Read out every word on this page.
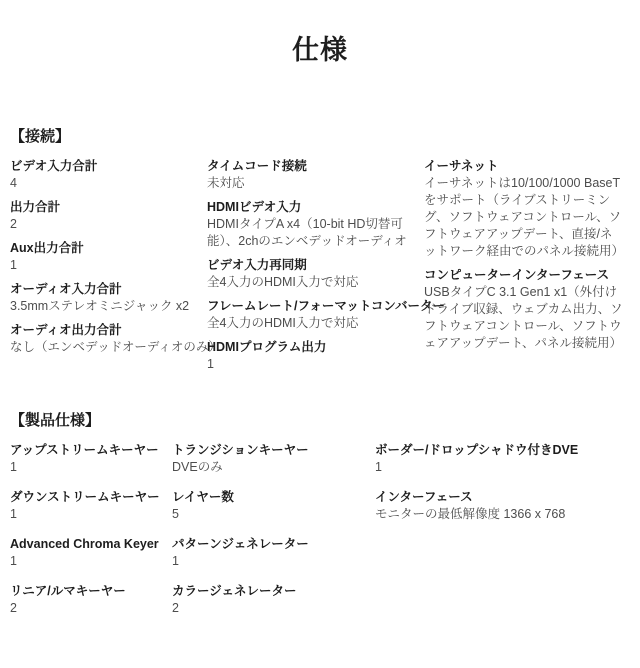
仕様
【接続】
ビデオ入力合計
4
出力合計
2
Aux出力合計
1
オーディオ入力合計
3.5mmステレオミニジャック x2
オーディオ出力合計
なし（エンベデッドオーディオのみ）
タイムコード接続
未対応
HDMIビデオ入力
HDMIタイプA x4（10-bit HD切替可能）、2chのエンベデッドオーディオ
ビデオ入力再同期
全4入力のHDMI入力で対応
フレームレート/フォーマットコンバーター
全4入力のHDMI入力で対応
HDMIプログラム出力
1
イーサネット
イーサネットは10/100/1000 BaseTをサポート（ライブストリーミング、ソフトウェアコントロール、ソフトウェアアップデート、直接/ネットワーク経由でのパネル接続用）
コンピューターインターフェース
USBタイプC 3.1 Gen1 x1（外付けドライブ収録、ウェブカム出力、ソフトウェアコントロール、ソフトウェアアップデート、パネル接続用）
【製品仕様】
アップストリームキーヤー
1
ダウンストリームキーヤー
1
Advanced Chroma Keyer
1
リニア/ルマキーヤー
2
トランジションキーヤー
DVEのみ
レイヤー数
5
パターンジェネレーター
1
カラージェネレーター
2
ボーダー/ドロップシャドウ付きDVE
1
インターフェース
モニターの最低解像度 1366 x 768
